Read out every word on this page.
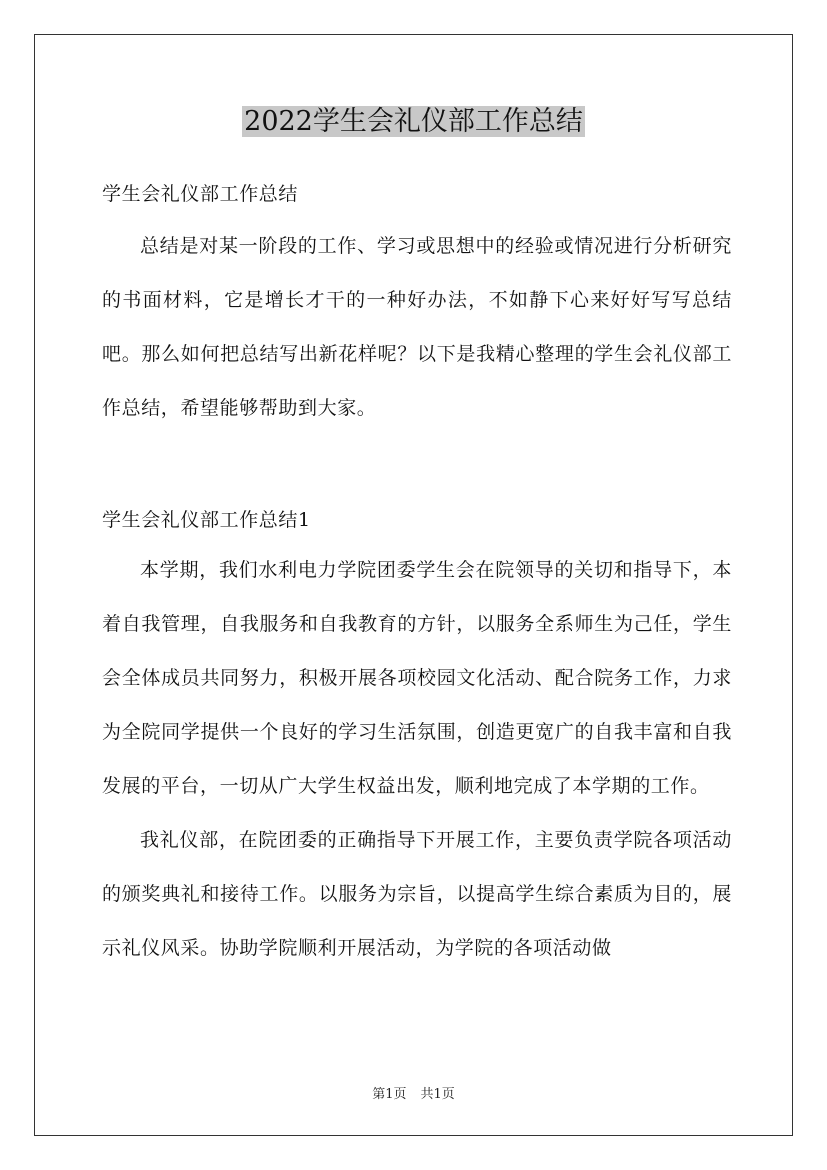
2022学生会礼仪部工作总结
学生会礼仪部工作总结

总结是对某一阶段的工作、学习或思想中的经验或情况进行分析研究的书面材料，它是增长才干的一种好办法，不如静下心来好好写写总结吧。那么如何把总结写出新花样呢？以下是我精心整理的学生会礼仪部工作总结，希望能够帮助到大家。

学生会礼仪部工作总结1

本学期，我们水利电力学院团委学生会在院领导的关切和指导下，本着自我管理，自我服务和自我教育的方针，以服务全系师生为己任，学生会全体成员共同努力，积极开展各项校园文化活动、配合院务工作，力求为全院同学提供一个良好的学习生活氛围，创造更宽广的自我丰富和自我发展的平台，一切从广大学生权益出发，顺利地完成了本学期的工作。

我礼仪部，在院团委的正确指导下开展工作，主要负责学院各项活动的颁奖典礼和接待工作。以服务为宗旨，以提高学生综合素质为目的，展示礼仪风采。协助学院顺利开展活动，为学院的各项活动做

第1页 共1页
